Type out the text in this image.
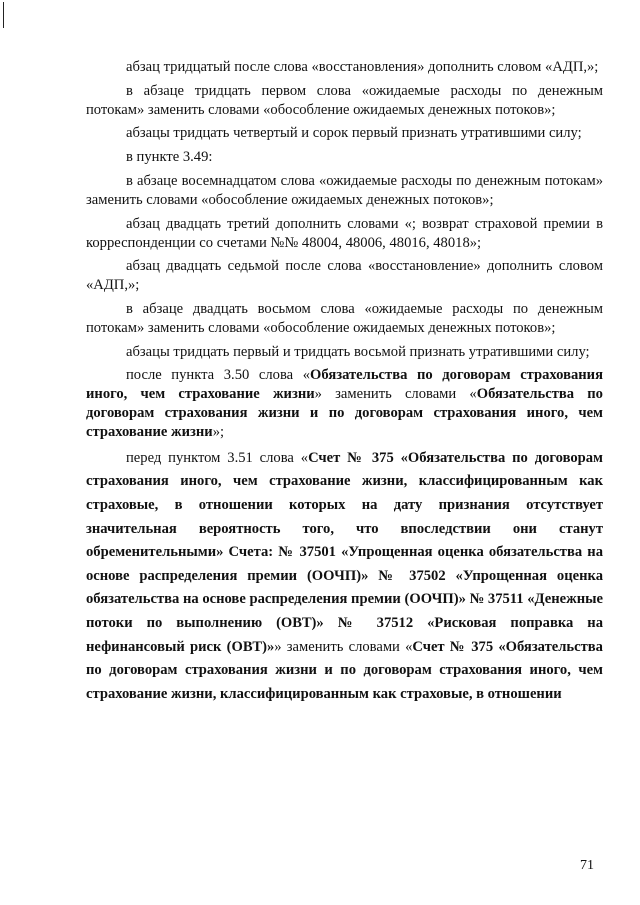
абзац тридцатый после слова «восстановления» дополнить словом «АДП,»;

в абзаце тридцать первом слова «ожидаемые расходы по денежным потокам» заменить словами «обособление ожидаемых денежных потоков»;

абзацы тридцать четвертый и сорок первый признать утратившими силу;

в пункте 3.49:

в абзаце восемнадцатом слова «ожидаемые расходы по денежным потокам» заменить словами «обособление ожидаемых денежных потоков»;

абзац двадцать третий дополнить словами «; возврат страховой премии в корреспонденции со счетами №№ 48004, 48006, 48016, 48018»;

абзац двадцать седьмой после слова «восстановление» дополнить словом «АДП,»;

в абзаце двадцать восьмом слова «ожидаемые расходы по денежным потокам» заменить словами «обособление ожидаемых денежных потоков»;

абзацы тридцать первый и тридцать восьмой признать утратившими силу;

после пункта 3.50 слова «Обязательства по договорам страхования иного, чем страхование жизни» заменить словами «Обязательства по договорам страхования жизни и по договорам страхования иного, чем страхование жизни»;

перед пунктом 3.51 слова «Счет № 375 «Обязательства по договорам страхования иного, чем страхование жизни, классифицированным как страховые, в отношении которых на дату признания отсутствует значительная вероятность того, что впоследствии они станут обременительными» Счета: № 37501 «Упрощенная оценка обязательства на основе распределения премии (ООЧП)» № 37502 «Упрощенная оценка обязательства на основе распределения премии (ООЧП)» № 37511 «Денежные потоки по выполнению (ОВТ)» № 37512 «Рисковая поправка на нефинансовый риск (ОВТ)»» заменить словами «Счет № 375 «Обязательства по договорам страхования жизни и по договорам страхования иного, чем страхование жизни, классифицированным как страховые, в отношении

71
